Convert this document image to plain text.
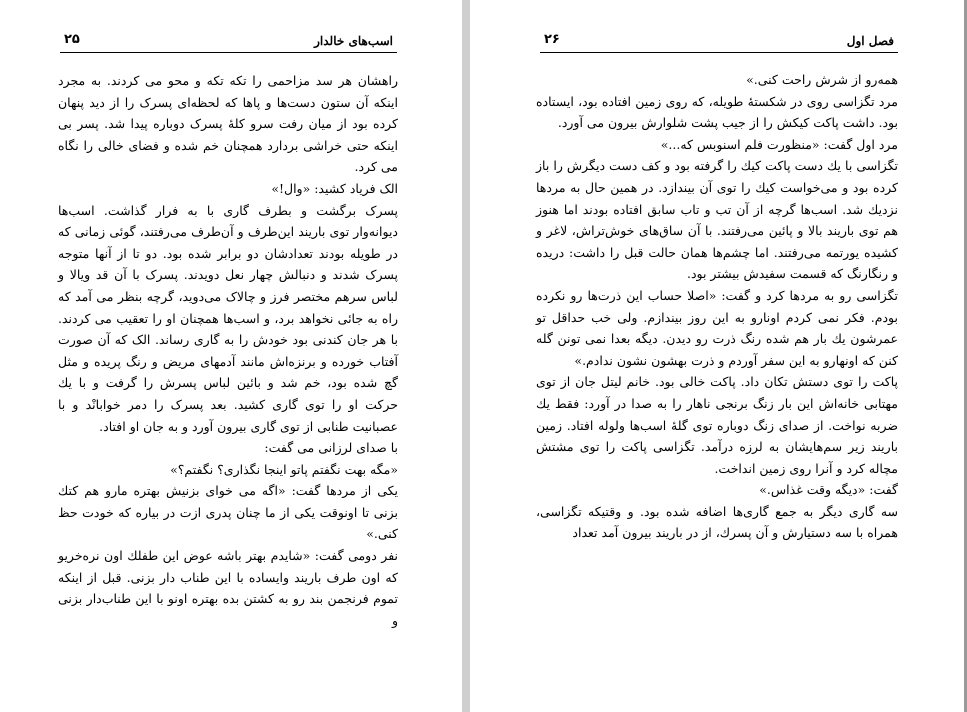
اسب‌های خالدار
۲۵

راهشان هر سد مزاحمی را تکه تکه و محو می کردند. به مجرد اینکه آن ستون دست‌ها و پاها که لحظه‌ای پسرک را از دید پنهان کرده بود از میان رفت سرو کلهٔ پسرک دوباره پیدا شد. پسر بی اینکه حتی خراشی بردارد همچنان خم شده و فضای خالی را نگاه می کرد.

الک فریاد کشید: «وال!»

پسرک برگشت و بطرف گاری با به فرار گذاشت. اسب‌ها دیوانه‌وار توی باریند این‌طرف و آن‌طرف می‌رفتند، گوئی زمانی که در طویله بودند تعدادشان دو برابر شده بود. دو تا از آنها متوجه پسرک شدند و دنبالش چهار نعل دویدند. پسرک با آن قد ویالا و لباس سرهم مختصر فرز و چالاک می‌دوید، گرچه بنظر می آمد که راه به جائی نخواهد برد، و اسب‌ها همچنان او را تعقیب می کردند. با هر جان کندنی بود خودش را به گاری رساند. الک که آن صورت آفتاب خورده و برنزه‌اش مانند آدمهای مریض و رنگ پریده و مثل گچ شده بود، خم شد و بائین لباس پسرش را گرفت و با یك حرکت او را توی گاری کشید. بعد پسرک را دمر خوابانْد و با عصبانیت طنابی از توی گاری بیرون آورد و به جان او افتاد.

با صدای لرزانی می گفت:

«مگه بهت نگفتم پاتو اینجا نگذاری؟ نگفتم؟»

یکی از مردها گفت: «اگه می خوای بزنیش بهتره مارو هم کتك بزنی تا اونوقت یکی از ما چنان پدری ازت در بیاره که خودت حظ کنی.»

نفر دومی گفت: «شایدم بهتر باشه عوض این طفلك اون نره‌خریو که اون طرف باریند وایساده با این طناب دار بزنی. قبل از اینکه تموم فرنجمن بند رو به کشتن بده بهتره اونو با این طناب‌دار بزنی و

فصل اول
۲۶

همه‌رو از شرش راحت کنی.»

مرد تگزاسی روی در شکستهٔ طویله، که روی زمین افتاده بود، ایستاده بود. داشت پاکت کیکش را از جیب پشت شلوارش بیرون می آورد.

مرد اول گفت: «منظورت فلم اسنوبس که...»

تگزاسی با یك دست پاکت کیك را گرفته بود و کف دست دیگرش را باز کرده بود و می‌خواست کیك را توی آن بیندازد. در همین حال به مردها نزدیك شد. اسب‌ها گرچه از آن تب و تاب سابق افتاده بودند اما هنوز هم توی باریند بالا و پائین می‌رفتند. با آن ساق‌های خوش‌تراش، لاغر و کشیده یورتمه می‌رفتند. اما چشم‌ها همان حالت قبل را داشت: دریده و رنگارنگ که قسمت سفیدش بیشتر بود.

تگزاسی رو به مردها کرد و گفت: «اصلا حساب این ذرت‌ها رو نکرده بودم. فکر نمی کردم اونارو به این روز بیندازم. ولی خب حداقل تو عمرشون یك بار هم شده رنگ ذرت رو دیدن. دیگه بعدا نمی تونن گله کنن که اونهارو به این سفر آوردم و ذرت بهشون نشون ندادم.»

پاکت را توی دستش تکان داد. پاکت خالی بود. خانم لیتل جان از توی مهتابی خانه‌اش این بار زنگ برنجی ناهار را به صدا در آورد: فقط یك ضربه نواخت. از صدای زنگ دوباره توی گلهٔ اسب‌ها ولوله افتاد. زمین باریند زیر سم‌هایشان به لرزه درآمد. تگزاسی پاکت را توی مشتش مچاله کرد و آنرا روی زمین انداخت.

گفت: «دیگه وقت غذاس.»

سه گاری دیگر به جمع گاری‌ها اضافه شده بود. و وقتیکه تگزاسی، همراه با سه دستیارش و آن پسرك، از در باریند بیرون آمد تعداد
